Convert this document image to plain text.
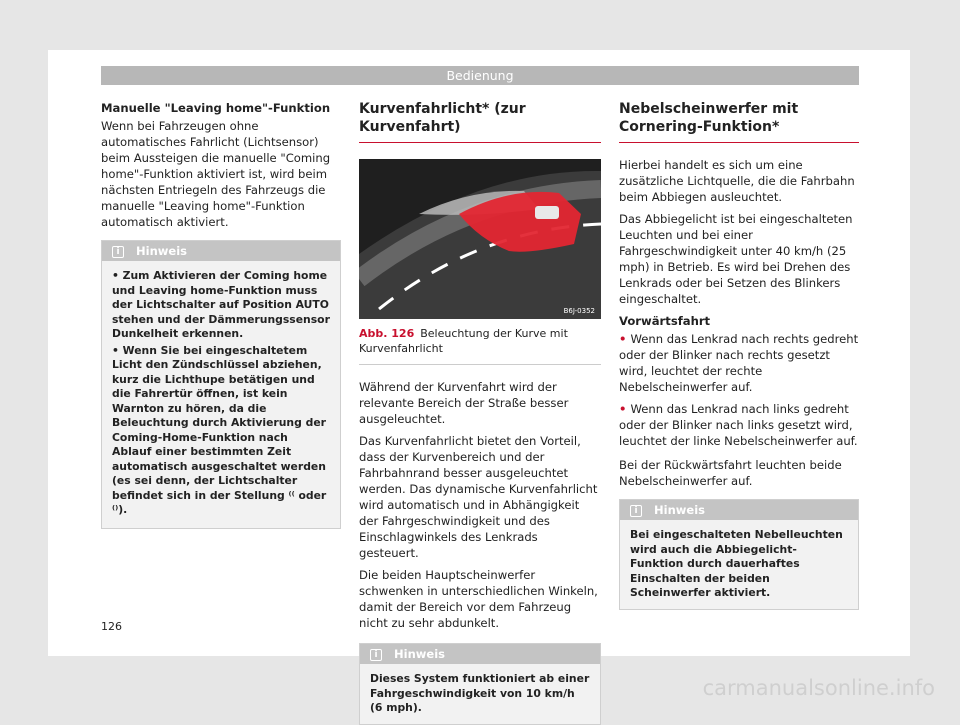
Bedienung
Manuelle "Leaving home"-Funktion

Wenn bei Fahrzeugen ohne automatisches Fahrlicht (Lichtsensor) beim Aussteigen die manuelle "Coming home"-Funktion aktiviert ist, wird beim nächsten Entriegeln des Fahrzeugs die manuelle "Leaving home"-Funktion automatisch aktiviert.

i Hinweis
• Zum Aktivieren der Coming home und Leaving home-Funktion muss der Lichtschalter auf Position AUTO stehen und der Dämmerungssensor Dunkelheit erkennen.
• Wenn Sie bei eingeschaltetem Licht den Zündschlüssel abziehen, kurz die Lichthupe betätigen und die Fahrertür öffnen, ist kein Warnton zu hören, da die Beleuchtung durch Aktivierung der Coming-Home-Funktion nach Ablauf einer bestimmten Zeit automatisch ausgeschaltet werden (es sei denn, der Lichtschalter befindet sich in der Stellung ⁽⁽ oder ⁽⁾).
Kurvenfahrlicht* (zur Kurvenfahrt)
B6J-0352
Abb. 126 Beleuchtung der Kurve mit Kurvenfahrlicht

Während der Kurvenfahrt wird der relevante Bereich der Straße besser ausgeleuchtet.

Das Kurvenfahrlicht bietet den Vorteil, dass der Kurvenbereich und der Fahrbahnrand besser ausgeleuchtet werden. Das dynamische Kurvenfahrlicht wird automatisch und in Abhängigkeit der Fahrgeschwindigkeit und des Einschlagwinkels des Lenkrads gesteuert.

Die beiden Hauptscheinwerfer schwenken in unterschiedlichen Winkeln, damit der Bereich vor dem Fahrzeug nicht zu sehr abdunkelt.

i Hinweis
Dieses System funktioniert ab einer Fahrgeschwindigkeit von 10 km/h (6 mph).
Nebelscheinwerfer mit Cornering-Funktion*

Hierbei handelt es sich um eine zusätzliche Lichtquelle, die die Fahrbahn beim Abbiegen ausleuchtet.

Das Abbiegelicht ist bei eingeschalteten Leuchten und bei einer Fahrgeschwindigkeit unter 40 km/h (25 mph) in Betrieb. Es wird bei Drehen des Lenkrads oder bei Setzen des Blinkers eingeschaltet.

Vorwärtsfahrt

• Wenn das Lenkrad nach rechts gedreht oder der Blinker nach rechts gesetzt wird, leuchtet der rechte Nebelscheinwerfer auf.

• Wenn das Lenkrad nach links gedreht oder der Blinker nach links gesetzt wird, leuchtet der linke Nebelscheinwerfer auf.

Bei der Rückwärtsfahrt leuchten beide Nebelscheinwerfer auf.

i Hinweis
Bei eingeschalteten Nebelleuchten wird auch die Abbiegelicht-Funktion durch dauerhaftes Einschalten der beiden Scheinwerfer aktiviert.
126
carmanualsonline.info
